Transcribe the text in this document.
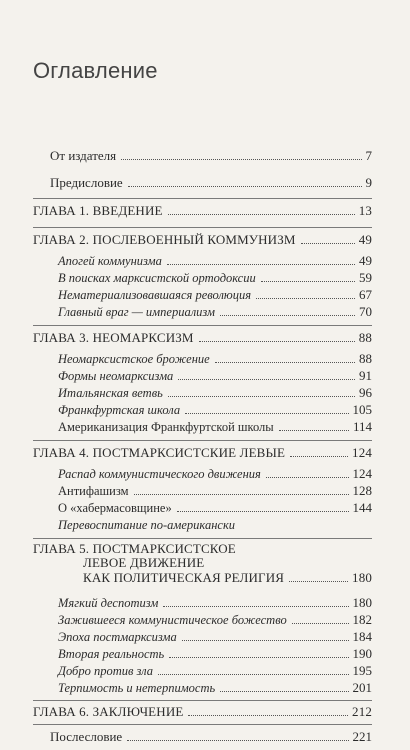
Оглавление
От издателя	7
Предисловие	9
ГЛАВА 1. ВВЕДЕНИЕ	13
ГЛАВА 2. ПОСЛЕВОЕННЫЙ КОММУНИЗМ	49
Апогей коммунизма	49
В поисках марксистской ортодоксии	59
Нематериализовавшаяся революция	67
Главный враг — империализм	70
ГЛАВА 3. НЕОМАРКСИЗМ	88
Неомарксистское брожение	88
Формы неомарксизма	91
Итальянская ветвь	96
Франкфуртская школа	105
Американизация Франкфуртской школы	114
ГЛАВА 4. ПОСТМАРКСИСТСКИЕ ЛЕВЫЕ	124
Распад коммунистического движения	124
Антифашизм	128
О «хабермасовщине»	144
Перевоспитание по-американски
ГЛАВА 5. ПОСТМАРКСИСТСКОЕ
ЛЕВОЕ ДВИЖЕНИЕ
КАК ПОЛИТИЧЕСКАЯ РЕЛИГИЯ	180
Мягкий деспотизм	180
Зажившееся коммунистическое божество	182
Эпоха постмарксизма	184
Вторая реальность	190
Добро против зла	195
Терпимость и нетерпимость	201
ГЛАВА 6. ЗАКЛЮЧЕНИЕ	212
Послесловие	221
